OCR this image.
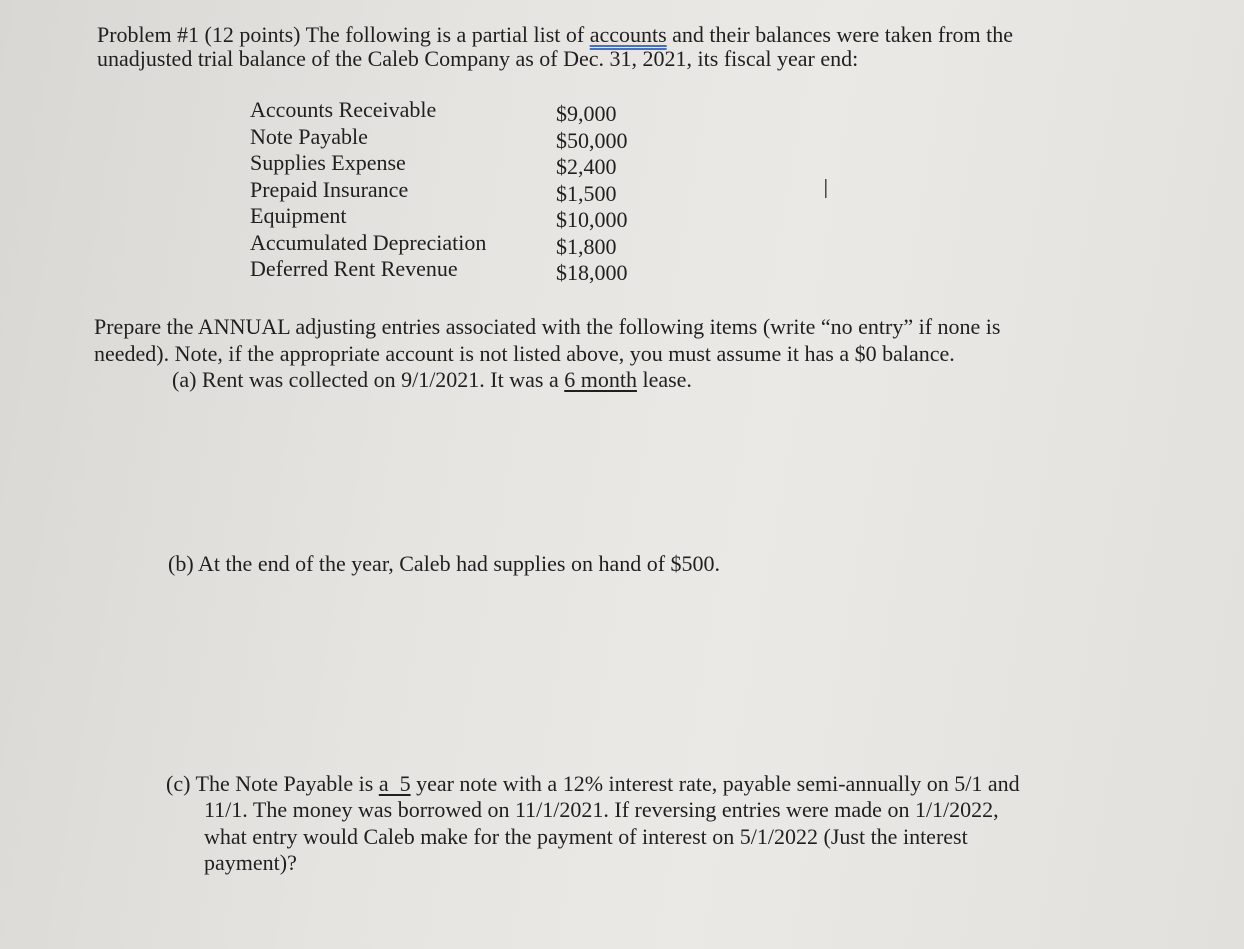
Problem #1 (12 points) The following is a partial list of accounts and their balances were taken from the
unadjusted trial balance of the Caleb Company as of Dec. 31, 2021, its fiscal year end:
Accounts Receivable
Note Payable
Supplies Expense
Prepaid Insurance
Equipment
Accumulated Depreciation
Deferred Rent Revenue
$9,000
$50,000
$2,400
$1,500
$10,000
$1,800
$18,000
I
Prepare the ANNUAL adjusting entries associated with the following items (write “no entry” if none is
needed). Note, if the appropriate account is not listed above, you must assume it has a $0 balance.
(a) Rent was collected on 9/1/2021. It was a 6 month lease.
(b) At the end of the year, Caleb had supplies on hand of $500.
(c) The Note Payable is a  5 year note with a 12% interest rate, payable semi-annually on 5/1 and
11/1. The money was borrowed on 11/1/2021. If reversing entries were made on 1/1/2022,
what entry would Caleb make for the payment of interest on 5/1/2022 (Just the interest
payment)?
